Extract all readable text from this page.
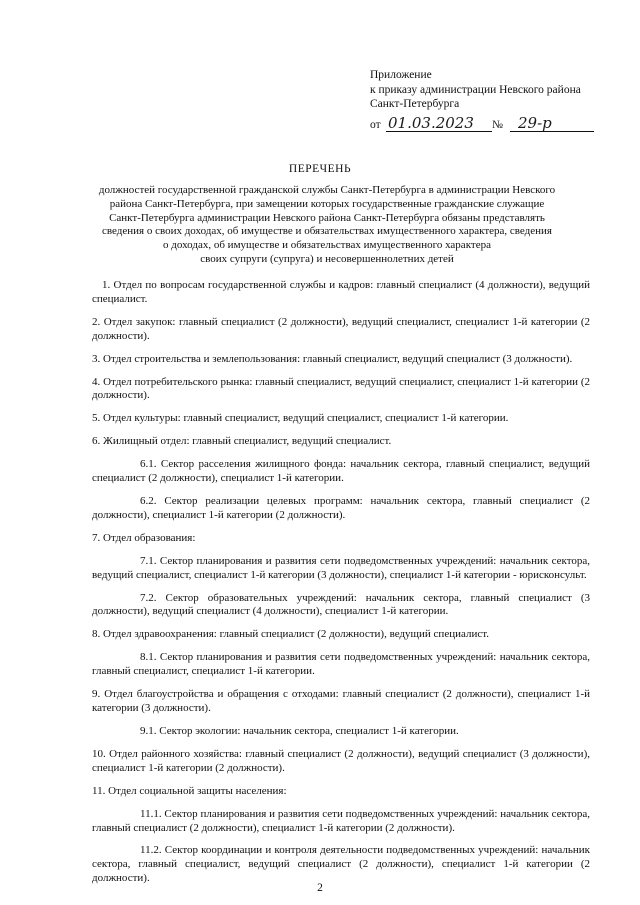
Приложение
к приказу администрации Невского района
Санкт-Петербурга
от 01.03.2023 № 29-р
ПЕРЕЧЕНЬ
должностей государственной гражданской службы Санкт-Петербурга в администрации Невского
района Санкт-Петербурга, при замещении которых государственные гражданские служащие
Санкт-Петербурга администрации Невского района Санкт-Петербурга обязаны представлять
сведения о своих доходах, об имуществе и обязательствах имущественного характера, сведения
о доходах, об имуществе и обязательствах имущественного характера
своих супруги (супруга) и несовершеннолетних детей

1. Отдел по вопросам государственной службы и кадров: главный специалист (4 должности), ведущий специалист.

2. Отдел закупок: главный специалист (2 должности), ведущий специалист, специалист 1-й категории (2 должности).

3. Отдел строительства и землепользования: главный специалист, ведущий специалист (3 должности).

4. Отдел потребительского рынка: главный специалист, ведущий специалист, специалист 1-й категории (2 должности).

5. Отдел культуры: главный специалист, ведущий специалист, специалист 1-й категории.

6. Жилищный отдел: главный специалист, ведущий специалист.

6.1. Сектор расселения жилищного фонда: начальник сектора, главный специалист, ведущий специалист (2 должности), специалист 1-й категории.

6.2. Сектор реализации целевых программ: начальник сектора, главный специалист (2 должности), специалист 1-й категории (2 должности).

7. Отдел образования:

7.1. Сектор планирования и развития сети подведомственных учреждений: начальник сектора, ведущий специалист, специалист 1-й категории (3 должности), специалист 1-й категории - юрисконсульт.

7.2. Сектор образовательных учреждений: начальник сектора, главный специалист (3 должности), ведущий специалист (4 должности), специалист 1-й категории.

8. Отдел здравоохранения: главный специалист (2 должности), ведущий специалист.

8.1. Сектор планирования и развития сети подведомственных учреждений: начальник сектора, главный специалист, специалист 1-й категории.

9. Отдел благоустройства и обращения с отходами: главный специалист (2 должности), специалист 1-й категории (3 должности).

9.1. Сектор экологии: начальник сектора, специалист 1-й категории.

10. Отдел районного хозяйства: главный специалист (2 должности), ведущий специалист (3 должности), специалист 1-й категории (2 должности).

11. Отдел социальной защиты населения:

11.1. Сектор планирования и развития сети подведомственных учреждений: начальник сектора, главный специалист (2 должности), специалист 1-й категории (2 должности).

11.2. Сектор координации и контроля деятельности подведомственных учреждений: начальник сектора, главный специалист, ведущий специалист (2 должности), специалист 1-й категории (2 должности).

2
